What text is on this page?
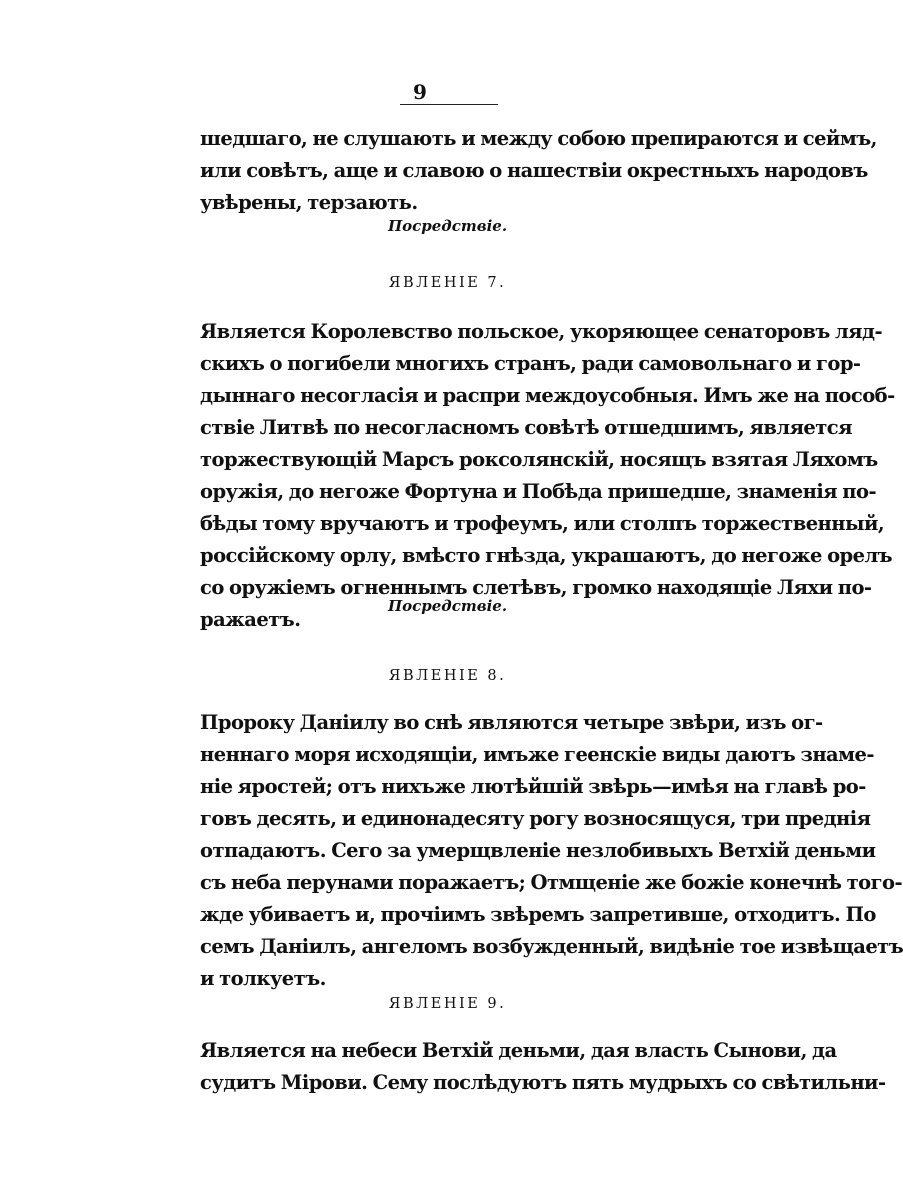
9
шедшаго, не слушають и между собою препираются и сеймъ,
или совѣтъ, аще и славою о нашествіи окрестныхъ народовъ
увѣрены, терзають.
Посредствіе.
ЯВЛЕНІЕ 7.
Является Королевство польское, укоряющее сенаторовъ ляд-
скихъ о погибели многихъ странъ, ради самовольнаго и гор-
дыннаго несогласія и распри междоусобныя. Имъ же на пособ-
ствіе Литвѣ по несогласномъ совѣтѣ отшедшимъ, является
торжествующій Марсъ роксолянскій, носящъ взятая Ляхомъ
оружія, до негоже Фортуна и Побѣда пришедше, знаменія по-
бѣды тому вручаютъ и трофеумъ, или столпъ торжественный,
россійскому орлу, вмѣсто гнѣзда, украшаютъ, до негоже орелъ
со оружіемъ огненнымъ слетѣвъ, громко находящіе Ляхи по-
ражаетъ.
Посредствіе.
ЯВЛЕНІЕ 8.
Пророку Даніилу во снѣ являются четыре звѣри, изъ ог-
неннаго моря исходящіи, имъже геенскіе виды даютъ знаме-
ніе яростей; отъ нихъже лютѣйшій звѣрь—имѣя на главѣ ро-
говъ десять, и единонадесяту рогу возносящуся, три преднія
отпадаютъ. Сего за умерщвленіе незлобивыхъ Ветхій деньми
съ неба перунами поражаетъ; Отмщеніе же божіе конечнѣ того-
жде убиваетъ и, прочіимъ звѣремъ запретивше, отходитъ. По
семъ Даніилъ, ангеломъ возбужденный, видѣніе тое извѣщаетъ
и толкуетъ.
ЯВЛЕНІЕ 9.
Является на небеси Ветхій деньми, дая власть Сынови, да
судитъ Мірови. Сему послѣдуютъ пять мудрыхъ со свѣтильни-
